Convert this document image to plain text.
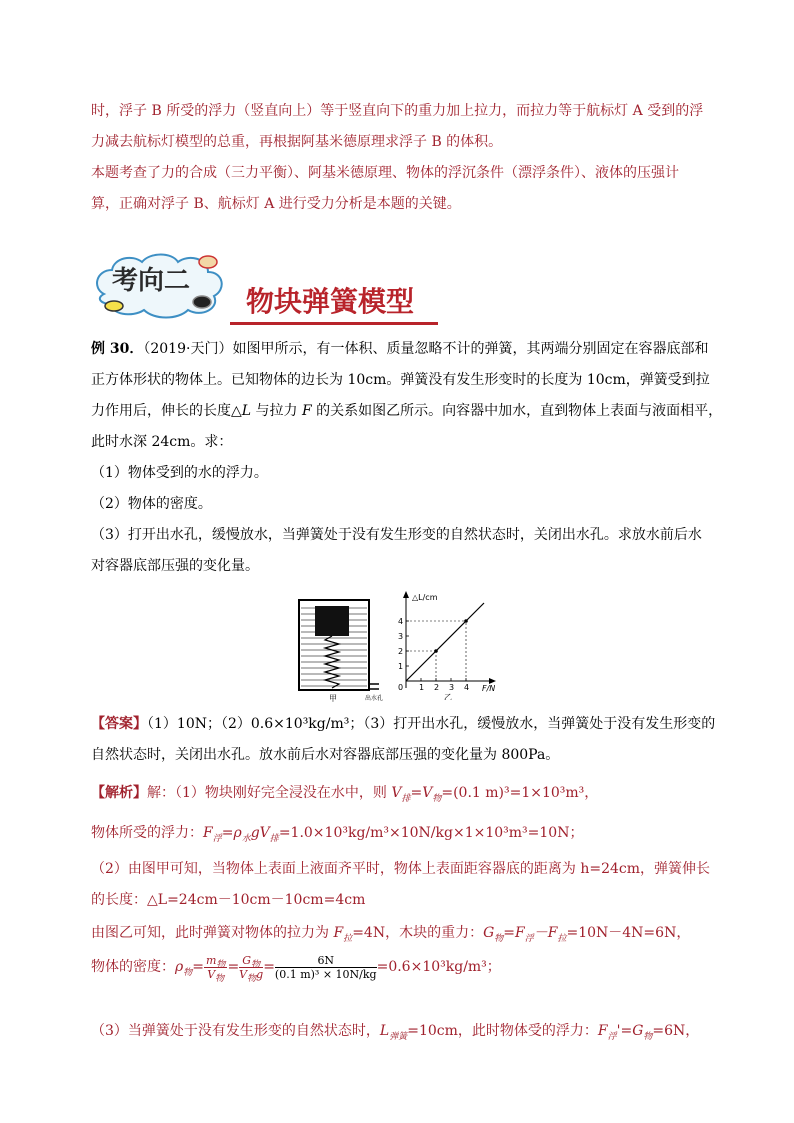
时，浮子 B 所受的浮力（竖直向上）等于竖直向下的重力加上拉力，而拉力等于航标灯 A 受到的浮
力减去航标灯模型的总重，再根据阿基米德原理求浮子 B 的体积。
本题考查了力的合成（三力平衡）、阿基米德原理、物体的浮沉条件（漂浮条件）、液体的压强计
算，正确对浮子 B、航标灯 A 进行受力分析是本题的关键。
考向二
物块弹簧模型
例 30．（2019·天门）如图甲所示，有一体积、质量忽略不计的弹簧，其两端分别固定在容器底部和
正方体形状的物体上。已知物体的边长为 10cm。弹簧没有发生形变时的长度为 10cm，弹簧受到拉
力作用后，伸长的长度△L 与拉力 F 的关系如图乙所示。向容器中加水，直到物体上表面与液面相平，
此时水深 24cm。求：
（1）物体受到的水的浮力。
（2）物体的密度。
（3）打开出水孔，缓慢放水，当弹簧处于没有发生形变的自然状态时，关闭出水孔。求放水前后水
对容器底部压强的变化量。
甲	出水孔
△L/cm
F/N
0 1 2 3 4
1
2
3
4
乙
【答案】（1）10N；（2）0.6×10³kg/m³；（3）打开出水孔，缓慢放水，当弹簧处于没有发生形变的
自然状态时，关闭出水孔。放水前后水对容器底部压强的变化量为 800Pa。
【解析】解：（1）物块刚好完全浸没在水中，则 $V_排=V_物=(0.1$ m)³=1×10³m³，
物体所受的浮力：$F_浮=\rho_水gV_排=1.0\times 10^3kg/m^3\times 10N/kg\times 1\times 10^3m^3=10N$；
（2）由图甲可知，当物体上表面上液面齐平时，物体上表面距容器底的距离为 h=24cm，弹簧伸长
的长度：△L=24cm－10cm－10cm=4cm
由图乙可知，此时弹簧对物体的拉力为 $F_拉=4N$，木块的重力：$G_物=F_浮-F_拉=10N-4N=6N$，
物体的密度：$\rho_物= \frac{m_物}{V_物} = \frac{G_物}{V_物g} = \frac{6N}{\text{(0.1 m)³ × 10N/kg}} =0.6\times 10^3kg/m^3$；
（3）当弹簧处于没有发生形变的自然状态时，$L_{弹簧}=10cm$，此时物体受的浮力：$F_浮'=G_物=6N$，
